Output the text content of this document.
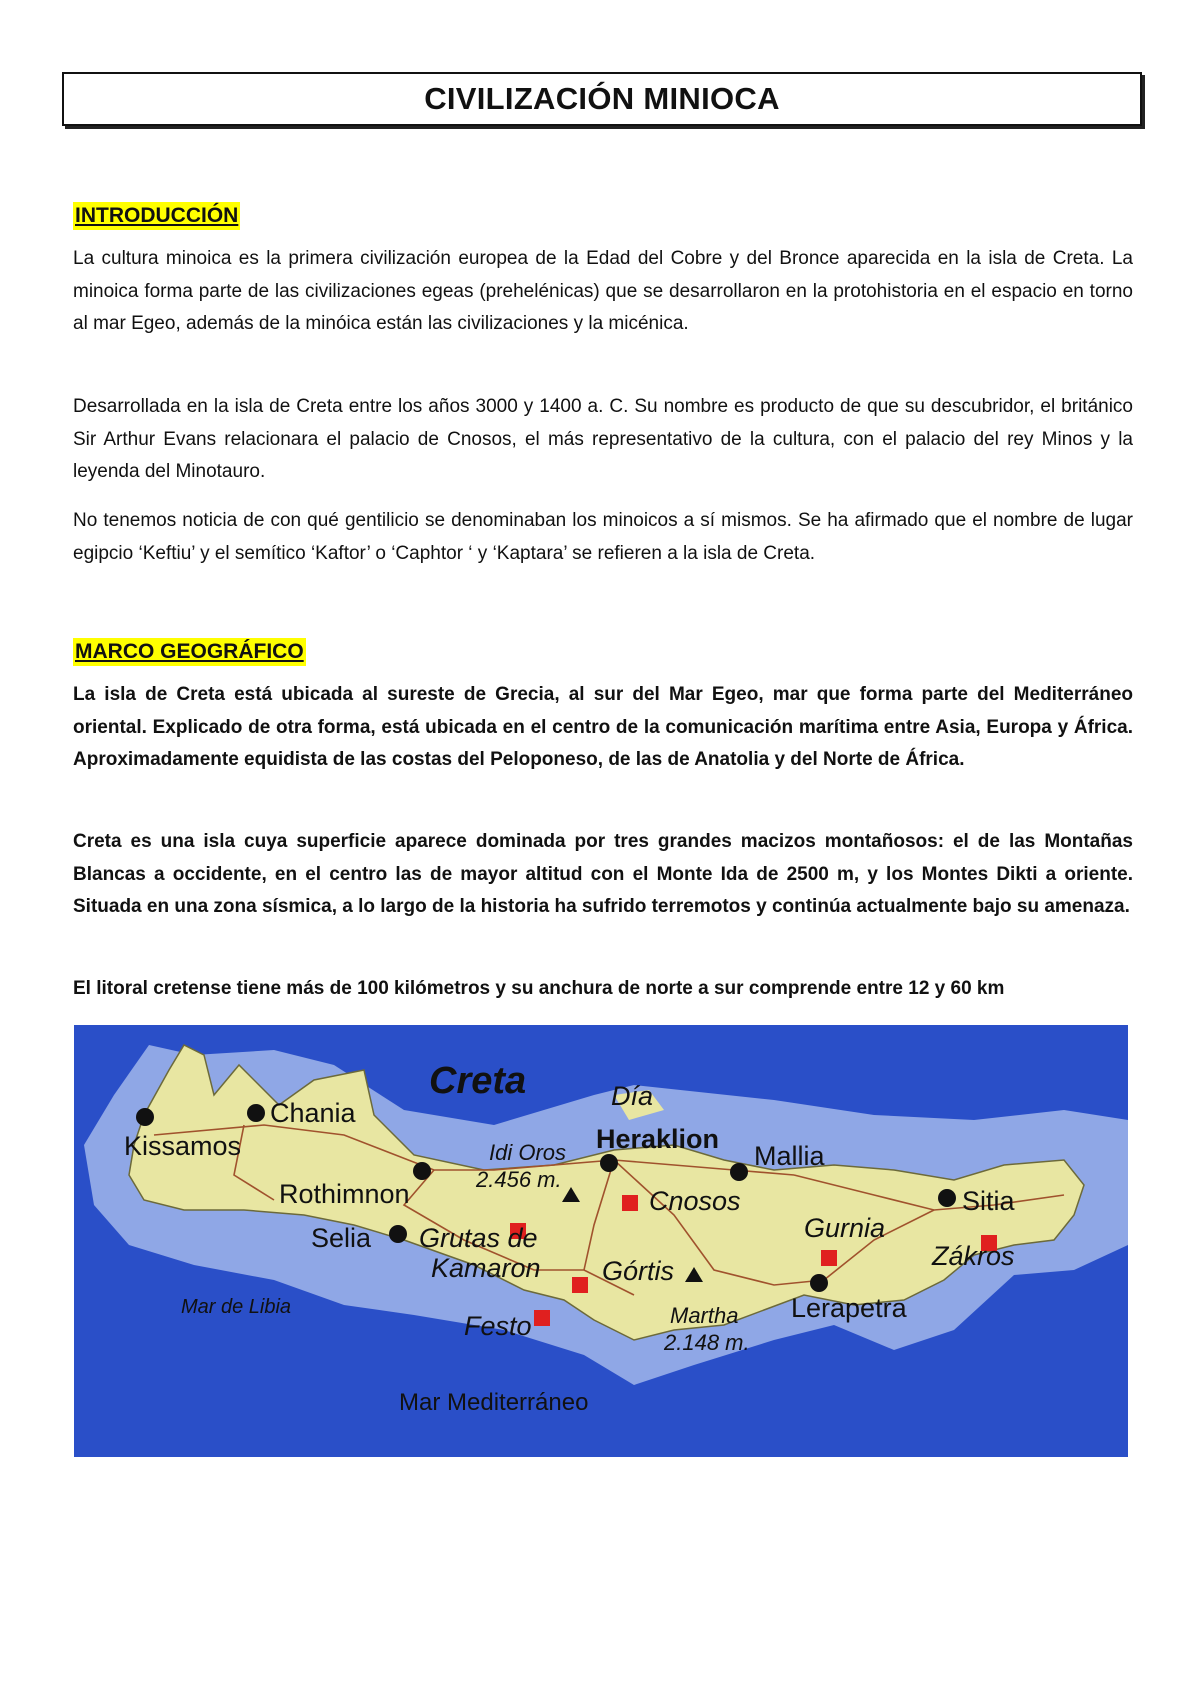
CIVILIZACIÓN MINIOCA
INTRODUCCIÓN

La cultura minoica es la primera civilización europea de la Edad del Cobre y del Bronce aparecida en la isla de Creta. La minoica forma parte de las civilizaciones egeas (prehelénicas) que se desarrollaron en la protohistoria en el espacio en torno al mar Egeo, además de la minóica están las civilizaciones y la micénica.

Desarrollada en la isla de Creta entre los años 3000 y 1400 a. C. Su nombre es producto de que su descubridor, el británico Sir Arthur Evans relacionara el palacio de Cnosos, el más representativo de la cultura, con el palacio del rey Minos y la leyenda del Minotauro.

No tenemos noticia de con qué gentilicio se denominaban los minoicos a sí mismos. Se ha afirmado que el nombre de lugar egipcio ‘Keftiu’ y el semítico ‘Kaftor’ o ‘Caphtor ‘ y ‘Kaptara’ se refieren a la isla de Creta.

MARCO GEOGRÁFICO

La isla de Creta está ubicada al sureste de Grecia, al sur del Mar Egeo, mar que forma parte del Mediterráneo oriental. Explicado de otra forma, está ubicada en el centro de la comunicación marítima entre Asia, Europa y África. Aproximadamente equidista de las costas del Peloponeso, de las de Anatolia y del Norte de África.

Creta es una isla cuya superficie aparece dominada por tres grandes macizos montañosos: el de las Montañas Blancas a occidente, en el centro las de mayor altitud con el Monte Ida de 2500 m, y los Montes Dikti a oriente. Situada en una zona sísmica, a lo largo de la historia ha sufrido terremotos y continúa actualmente bajo su amenaza.

El litoral cretense tiene más de 100 kilómetros y su anchura de norte a sur comprende entre 12 y 60 km

Creta	Día
Kissamos
Chania
Rothimnon
Selia
Idi Oros
2.456 m.
Heraklion
Mallia
Cnosos
Gurnia
Sitia
Zákros
Grutas de
Kamaron Górtis
Festo	Martha
2.148 m.
Lerapetra
Mar de Libia
Mar Mediterráneo
